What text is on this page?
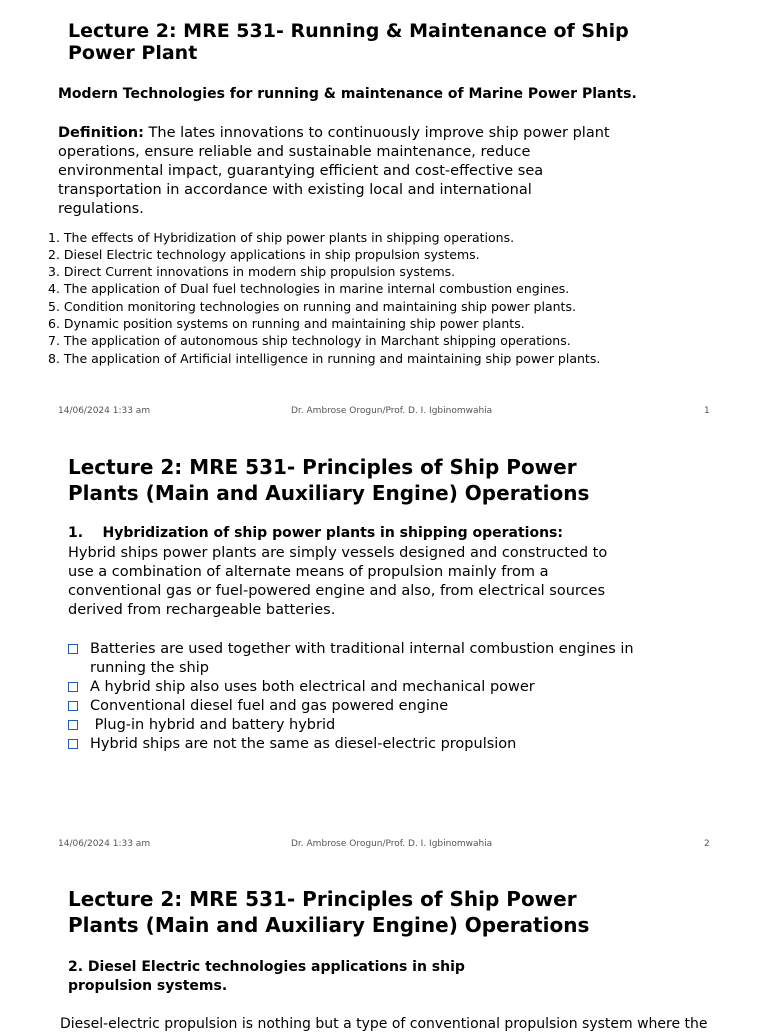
Lecture 2: MRE 531- Running & Maintenance of Ship Power Plant
Modern Technologies for running & maintenance of Marine Power Plants.
Definition: The lates innovations to continuously improve ship power plant operations, ensure reliable and sustainable maintenance, reduce environmental impact, guarantying efficient and cost-effective sea transportation in accordance with existing local and international regulations.
1. The effects of Hybridization of ship power plants in shipping operations.
2. Diesel Electric technology applications in ship propulsion systems.
3. Direct Current innovations in modern ship propulsion systems.
4. The application of Dual fuel technologies in marine internal combustion engines.
5. Condition monitoring technologies on running and maintaining ship power plants.
6. Dynamic position systems on running and maintaining ship power plants.
7. The application of autonomous ship technology in Marchant shipping operations.
8. The application of Artificial intelligence in running and maintaining ship power plants.
14/06/2024 1:33 am	Dr. Ambrose Orogun/Prof. D. I. Igbinomwahia	1
Lecture 2: MRE 531- Principles of Ship Power Plants (Main and Auxiliary Engine) Operations
1.    Hybridization of ship power plants in shipping operations:
Hybrid ships power plants are simply vessels designed and constructed to use a combination of alternate means of propulsion mainly from a conventional gas or fuel-powered engine and also, from electrical sources derived from rechargeable batteries.
Batteries are used together with traditional internal combustion engines in
running the ship
A hybrid ship also uses both electrical and mechanical power
Conventional diesel fuel and gas powered engine
Plug-in hybrid and battery hybrid
Hybrid ships are not the same as diesel-electric propulsion
14/06/2024 1:33 am	Dr. Ambrose Orogun/Prof. D. I. Igbinomwahia	2
Lecture 2: MRE 531- Principles of Ship Power Plants (Main and Auxiliary Engine) Operations
2. Diesel Electric technologies applications in ship propulsion systems.
Diesel-electric propulsion is nothing but a type of conventional propulsion system where the
